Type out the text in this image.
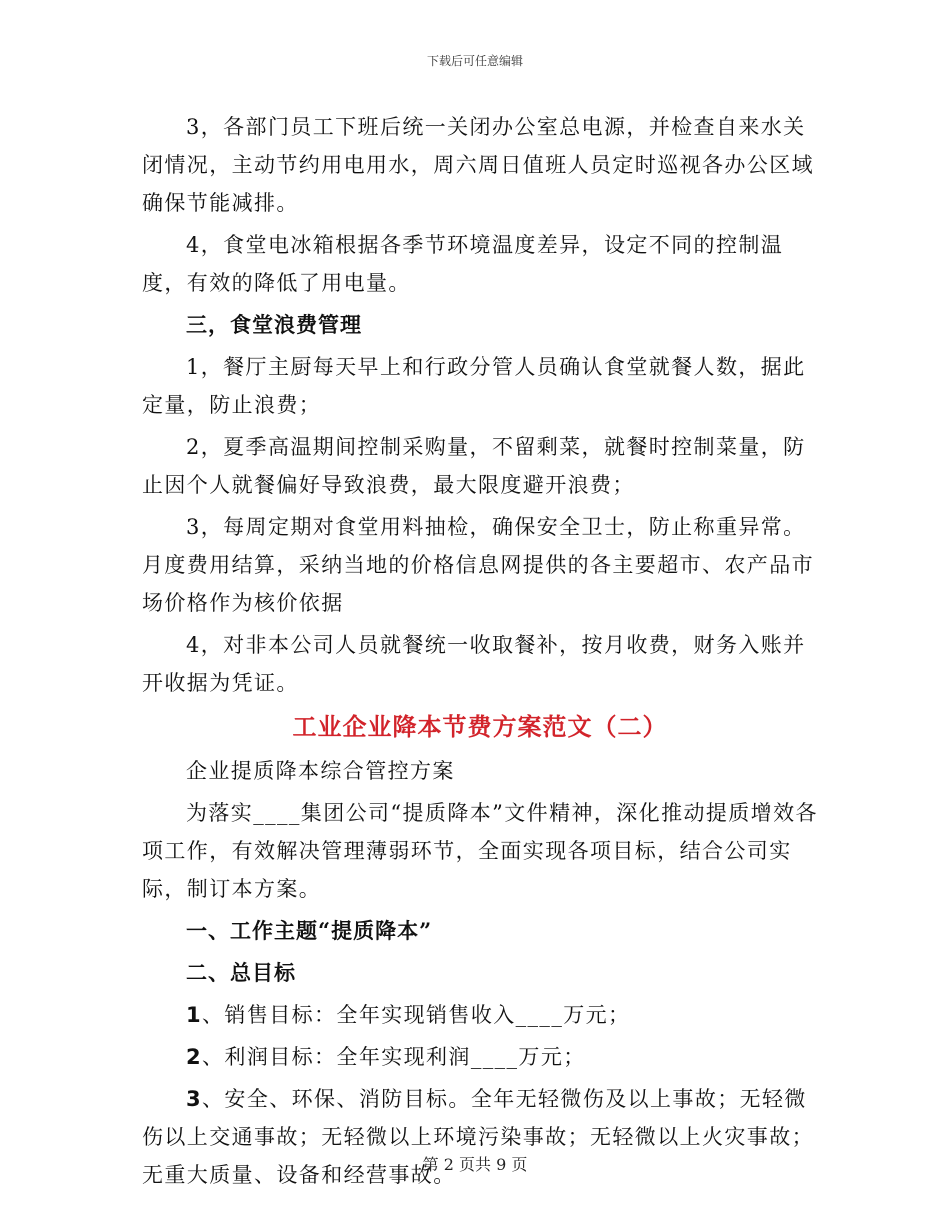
下载后可任意编辑

3，各部门员工下班后统一关闭办公室总电源，并检查自来水关闭情况，主动节约用电用水，周六周日值班人员定时巡视各办公区域确保节能减排。

4，食堂电冰箱根据各季节环境温度差异，设定不同的控制温度，有效的降低了用电量。

三，食堂浪费管理

1，餐厅主厨每天早上和行政分管人员确认食堂就餐人数，据此定量，防止浪费；

2，夏季高温期间控制采购量，不留剩菜，就餐时控制菜量，防止因个人就餐偏好导致浪费，最大限度避开浪费；

3，每周定期对食堂用料抽检，确保安全卫士，防止称重异常。月度费用结算，采纳当地的价格信息网提供的各主要超市、农产品市场价格作为核价依据

4，对非本公司人员就餐统一收取餐补，按月收费，财务入账并开收据为凭证。

工业企业降本节费方案范文（二）

企业提质降本综合管控方案

为落实____集团公司“提质降本”文件精神，深化推动提质增效各项工作，有效解决管理薄弱环节，全面实现各项目标，结合公司实际，制订本方案。

一、工作主题“提质降本”

二、总目标

1、销售目标：全年实现销售收入____万元；

2、利润目标：全年实现利润____万元；

3、安全、环保、消防目标。全年无轻微伤及以上事故；无轻微伤以上交通事故；无轻微以上环境污染事故；无轻微以上火灾事故；无重大质量、设备和经营事故。

第 2 页共 9 页
